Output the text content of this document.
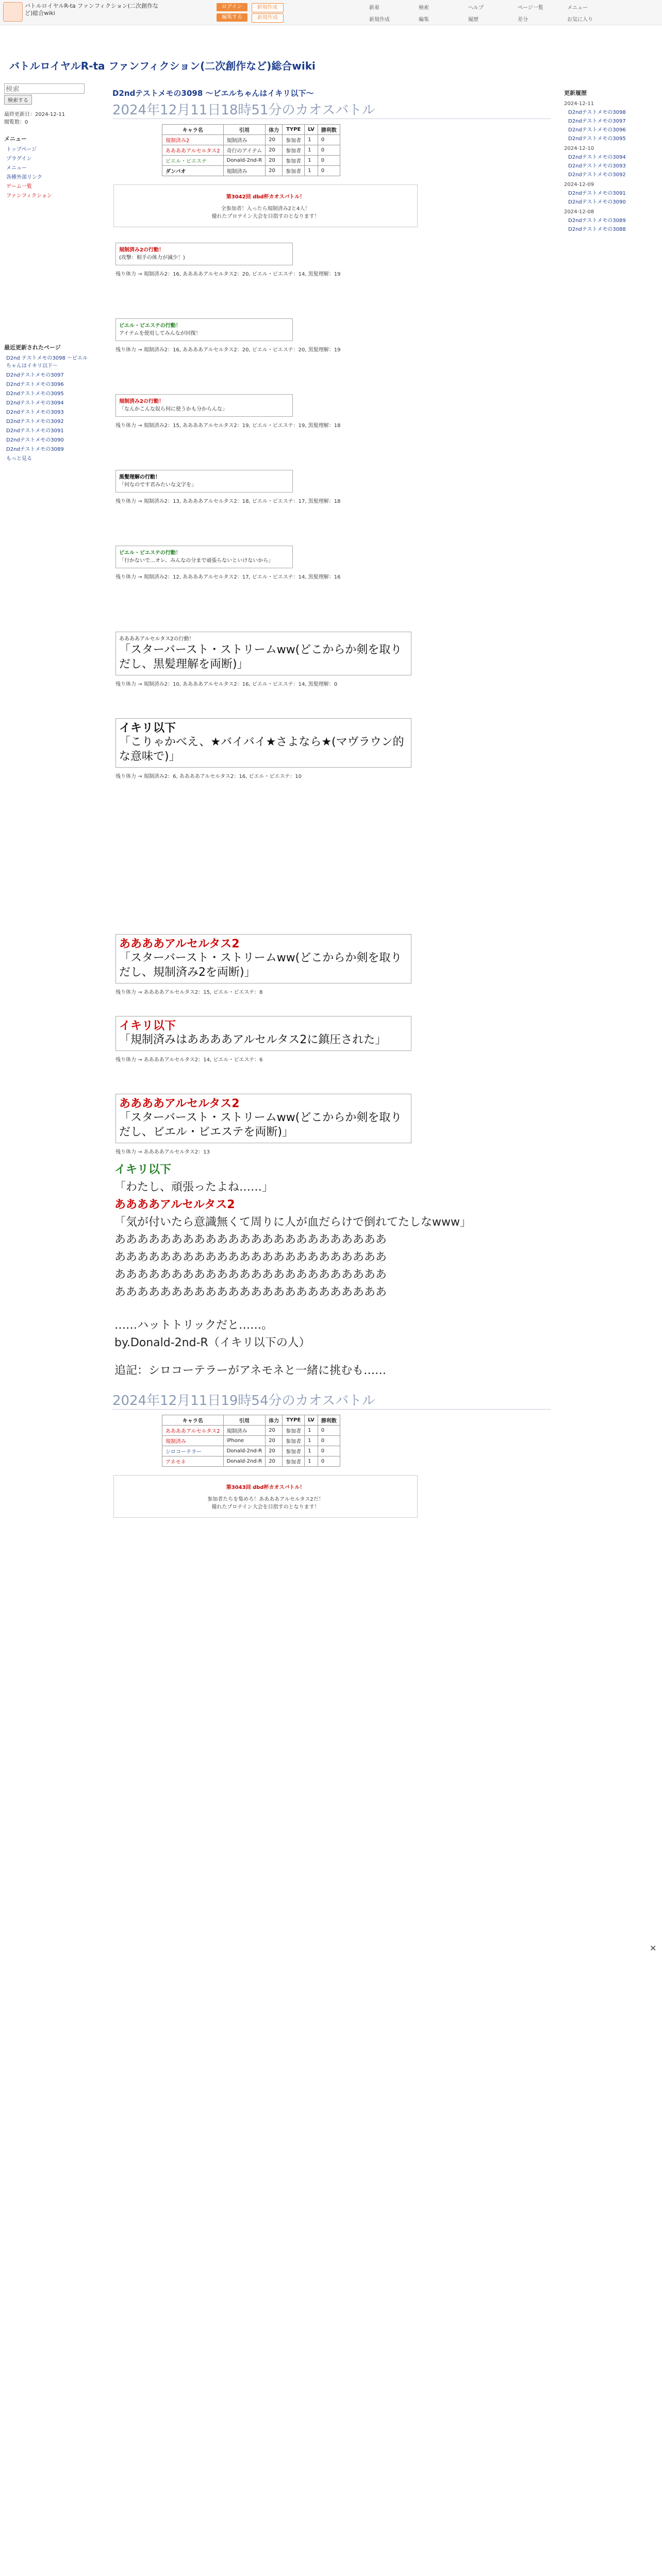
バトルロイヤルR-ta ファンフィクション(二次創作など)総合wiki
ログイン	新規作成
編集する	新規作成
新着	検索	ヘルプ	ページ一覧	メニュー
新規作成	編集	履歴	差分	お気に入り
バトルロイヤルR-ta ファンフィクション(二次創作など)総合wiki
検索 検索する
最終更新日：2024-12-11
閲覧数：0
メニュー
トップページ
プラグイン
メニュー
各種外部リンク
ゲーム一覧
ファンフィクション
最近更新されたページ
D2nd テストメモの3098 〜ビエルちゃんはイキリ以下〜
D2ndテストメモの3097
D2ndテストメモの3096
D2ndテストメモの3095
D2ndテストメモの3094
D2ndテストメモの3093
D2ndテストメモの3092
D2ndテストメモの3091
D2ndテストメモの3090
D2ndテストメモの3089
もっと見る
D2ndテストメモの3098 〜ビエルちゃんはイキリ以下〜
2024年12月11日18時51分のカオスバトル
キャラ名	引用	体力	TYPE	LV	勝利数
規制済み2	規制済み	20	参加者	1	0
ああああアルセルタス2	奇行のアイテム	20	参加者	1	0
ビエル・ビエステ	Donald-2nd-R	20	参加者	1	0
ダンバオ	規制済み	20	参加者	1	0
第3042回 dbd杯カオスバトル！
全参加者！入ったら規制済み2と4人！
優れたプロテイン大会を目指すのとなります！
規制済み2の行動！
(攻撃：相手の体力が減少！)
残り体力 → 規制済み2：16, ああああアルセルタス2：20, ビエル・ビエステ：14, 黒髪理解：19
ビエル・ビエステの行動！
アイテムを使用してみんなが回復！
残り体力 → 規制済み2：16, ああああアルセルタス2：20, ビエル・ビエステ：20, 黒髪理解：19
規制済み2の行動！
「なんかこんな奴ら何に使うかも分からんな」
残り体力 → 規制済み2：15, ああああアルセルタス2：19, ビエル・ビエステ：19, 黒髪理解：18
黒髪理解の行動！
「何なのです君みたいな文字を」
残り体力 → 規制済み2：13, ああああアルセルタス2：18, ビエル・ビエステ：17, 黒髪理解：18
ビエル・ビエステの行動！
「行かないで…オレ、みんなの分まで頑張らないといけないから」
残り体力 → 規制済み2：12, ああああアルセルタス2：17, ビエル・ビエステ：14, 黒髪理解：16
ああああアルセルタス2の行動！
「スターバースト・ストリームww(どこからか剣を取りだし、黒髪理解を両断)」
残り体力 → 規制済み2：10, ああああアルセルタス2：16, ビエル・ビエステ：14, 黒髪理解：0
イキリ以下
「こりゃかべえ、★バイバイ★さよなら★(マヴラウン的な意味で)」
残り体力 → 規制済み2：6, ああああアルセルタス2：16, ビエル・ビエステ：10
ああああアルセルタス2
「スターバースト・ストリームww(どこからか剣を取りだし、規制済み2を両断)」
残り体力 → ああああアルセルタス2：15, ビエル・ビエステ：8
イキリ以下
「規制済みはああああアルセルタス2に鎮圧された」
残り体力 → ああああアルセルタス2：14, ビエル・ビエステ：6
ああああアルセルタス2
「スターバースト・ストリームww(どこからか剣を取りだし、ビエル・ビエステを両断)」
残り体力 → ああああアルセルタス2：13
イキリ以下
「わたし、頑張ったよね……」
ああああアルセルタス2
「気が付いたら意識無くて周りに人が血だらけで倒れてたしなwww」
ああああああああああああああああああああああああ
ああああああああああああああああああああああああ
ああああああああああああああああああああああああ
ああああああああああああああああああああああああ
……ハットトリックだと……。
by.Donald-2nd-R（イキリ以下の人）
追記：シロコーテラーがアネモネと一緒に挑むも……
2024年12月11日19時54分のカオスバトル
キャラ名	引用	体力	TYPE	LV	勝利数
ああああアルセルタス2	規制済み	20	参加者	1	0
規制済み	iPhone	20	参加者	1	0
シロコーテラー	Donald-2nd-R	20	参加者	1	0
アネモネ	Donald-2nd-R	20	参加者	1	0
第3043回 dbd杯カオスバトル！
参加者たちを集めろ！ああああアルセルタス2だ！
優れたプロテイン大会を目指すのとなります！
✕
更新履歴
2024-12-11
D2ndテストメモの3098
D2ndテストメモの3097
D2ndテストメモの3096
D2ndテストメモの3095
2024-12-10
D2ndテストメモの3094
D2ndテストメモの3093
D2ndテストメモの3092
2024-12-09
D2ndテストメモの3091
D2ndテストメモの3090
2024-12-08
D2ndテストメモの3089
D2ndテストメモの3088
